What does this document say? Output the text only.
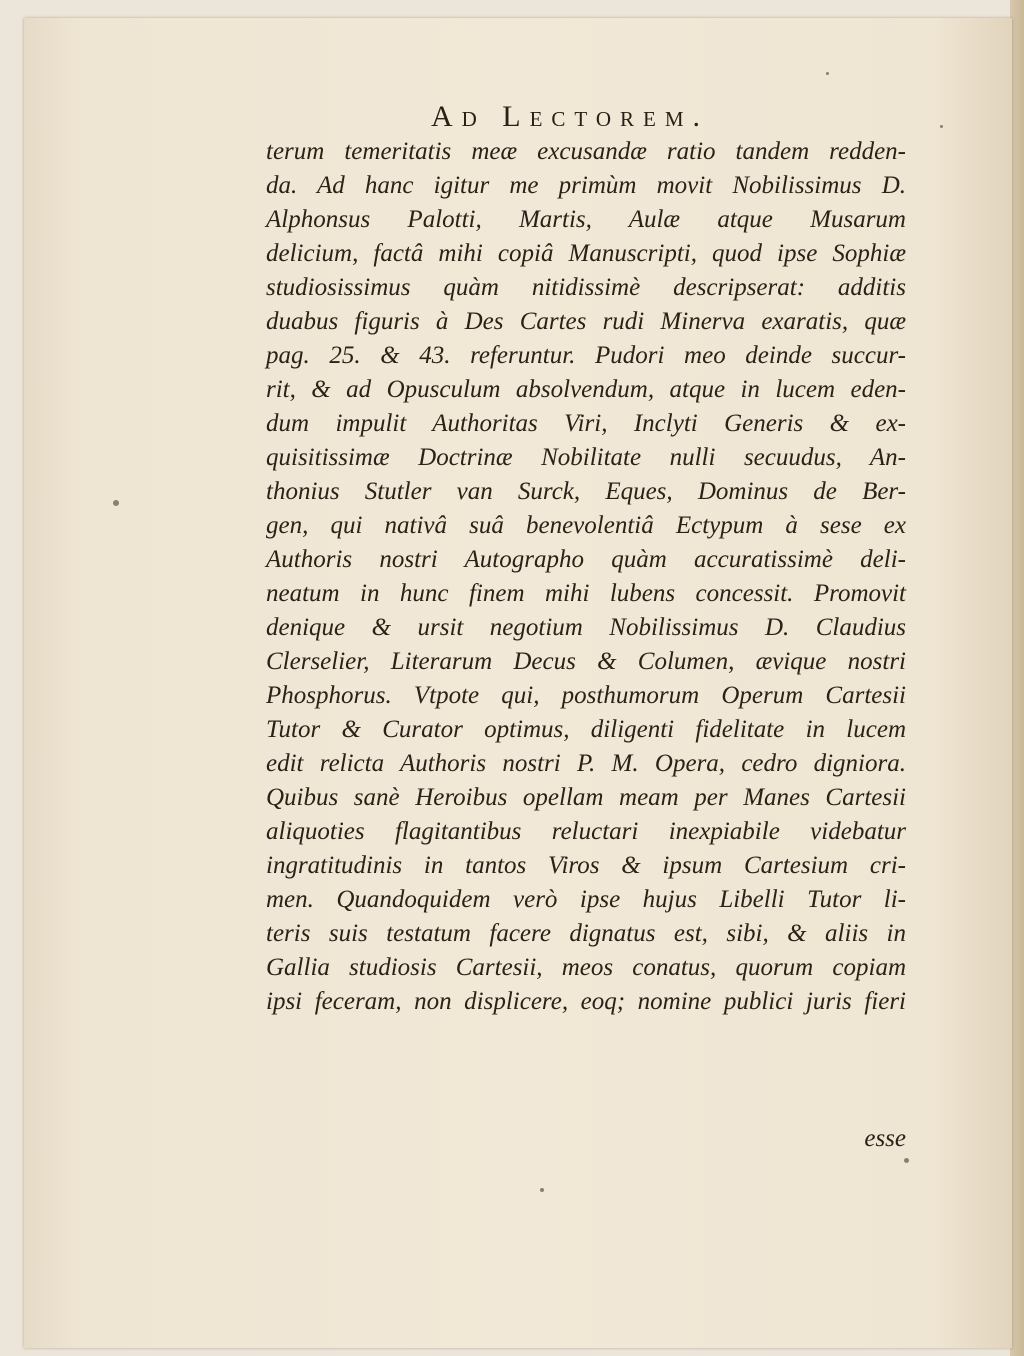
Ad Lectorem.
terum temeritatis meæ excusandæ ratio tandem redden-
da. Ad hanc igitur me primùm movit Nobilissimus D.
Alphonsus Palotti, Martis, Aulæ atque Musarum
delicium, factâ mihi copiâ Manuscripti, quod ipse Sophiæ
studiosissimus quàm nitidissimè descripserat: additis
duabus figuris à Des Cartes rudi Minerva exaratis, quæ
pag. 25. & 43. referuntur. Pudori meo deinde succur-
rit, & ad Opusculum absolvendum, atque in lucem eden-
dum impulit Authoritas Viri, Inclyti Generis & ex-
quisitissimæ Doctrinæ Nobilitate nulli secuudus, An-
thonius Stutler van Surck, Eques, Dominus de Ber-
gen, qui nativâ suâ benevolentiâ Ectypum à sese ex
Authoris nostri Autographo quàm accuratissimè deli-
neatum in hunc finem mihi lubens concessit. Promovit
denique & ursit negotium Nobilissimus D. Claudius
Clerselier, Literarum Decus & Columen, ævique nostri
Phosphorus. Vtpote qui, posthumorum Operum Cartesii
Tutor & Curator optimus, diligenti fidelitate in lucem
edit relicta Authoris nostri P. M. Opera, cedro digniora.
Quibus sanè Heroibus opellam meam per Manes Cartesii
aliquoties flagitantibus reluctari inexpiabile videbatur
ingratitudinis in tantos Viros & ipsum Cartesium cri-
men. Quandoquidem verò ipse hujus Libelli Tutor li-
teris suis testatum facere dignatus est, sibi, & aliis in
Gallia studiosis Cartesii, meos conatus, quorum copiam
ipsi feceram, non displicere, eoq; nomine publici juris fieri
esse
